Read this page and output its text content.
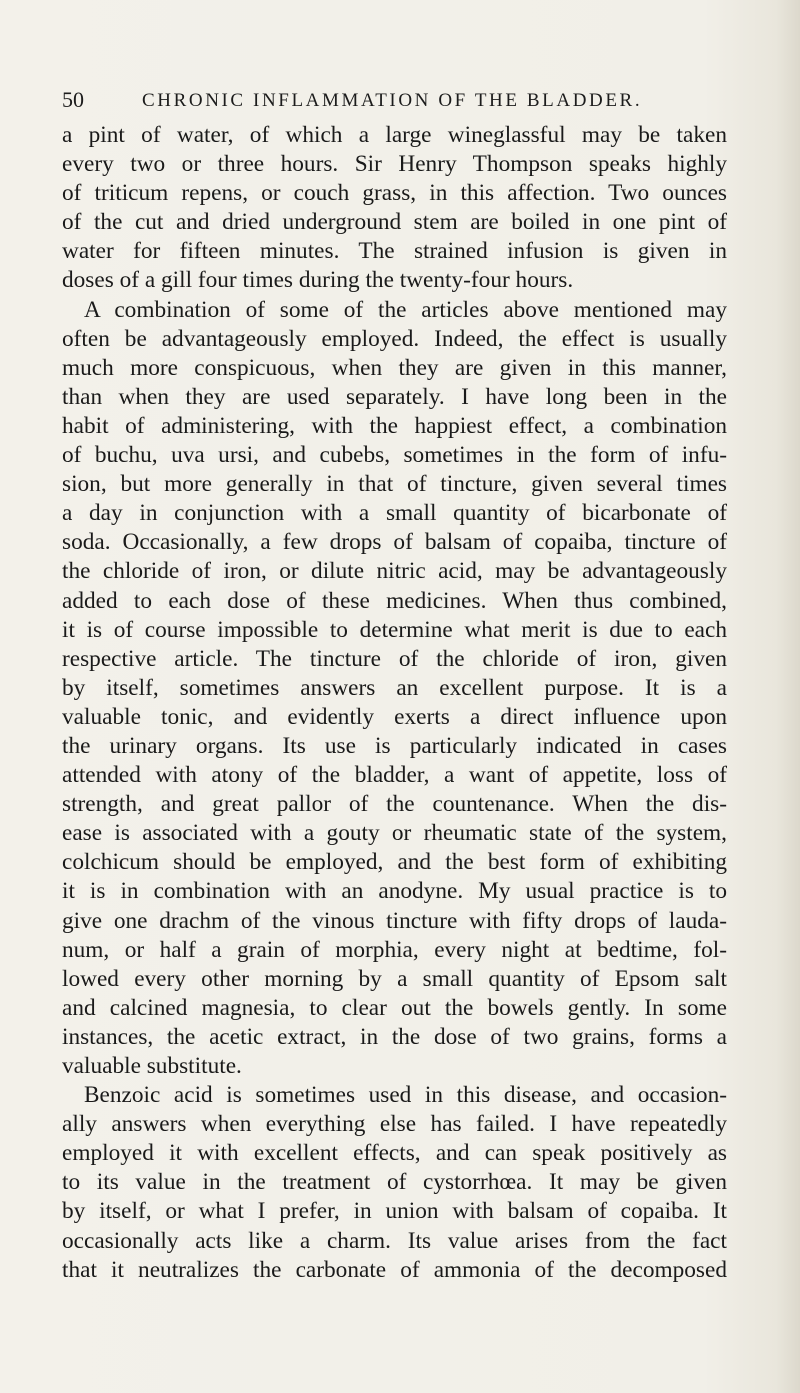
50	CHRONIC INFLAMMATION OF THE BLADDER.
a pint of water, of which a large wineglassful may be taken
every two or three hours. Sir Henry Thompson speaks highly
of triticum repens, or couch grass, in this affection. Two ounces
of the cut and dried underground stem are boiled in one pint of
water for fifteen minutes. The strained infusion is given in
doses of a gill four times during the twenty-four hours.
A combination of some of the articles above mentioned may
often be advantageously employed. Indeed, the effect is usually
much more conspicuous, when they are given in this manner,
than when they are used separately. I have long been in the
habit of administering, with the happiest effect, a combination
of buchu, uva ursi, and cubebs, sometimes in the form of infu-
sion, but more generally in that of tincture, given several times
a day in conjunction with a small quantity of bicarbonate of
soda. Occasionally, a few drops of balsam of copaiba, tincture of
the chloride of iron, or dilute nitric acid, may be advantageously
added to each dose of these medicines. When thus combined,
it is of course impossible to determine what merit is due to each
respective article. The tincture of the chloride of iron, given
by itself, sometimes answers an excellent purpose. It is a
valuable tonic, and evidently exerts a direct influence upon
the urinary organs. Its use is particularly indicated in cases
attended with atony of the bladder, a want of appetite, loss of
strength, and great pallor of the countenance. When the dis-
ease is associated with a gouty or rheumatic state of the system,
colchicum should be employed, and the best form of exhibiting
it is in combination with an anodyne. My usual practice is to
give one drachm of the vinous tincture with fifty drops of lauda-
num, or half a grain of morphia, every night at bedtime, fol-
lowed every other morning by a small quantity of Epsom salt
and calcined magnesia, to clear out the bowels gently. In some
instances, the acetic extract, in the dose of two grains, forms a
valuable substitute.
Benzoic acid is sometimes used in this disease, and occasion-
ally answers when everything else has failed. I have repeatedly
employed it with excellent effects, and can speak positively as
to its value in the treatment of cystorrhœa. It may be given
by itself, or what I prefer, in union with balsam of copaiba. It
occasionally acts like a charm. Its value arises from the fact
that it neutralizes the carbonate of ammonia of the decomposed
